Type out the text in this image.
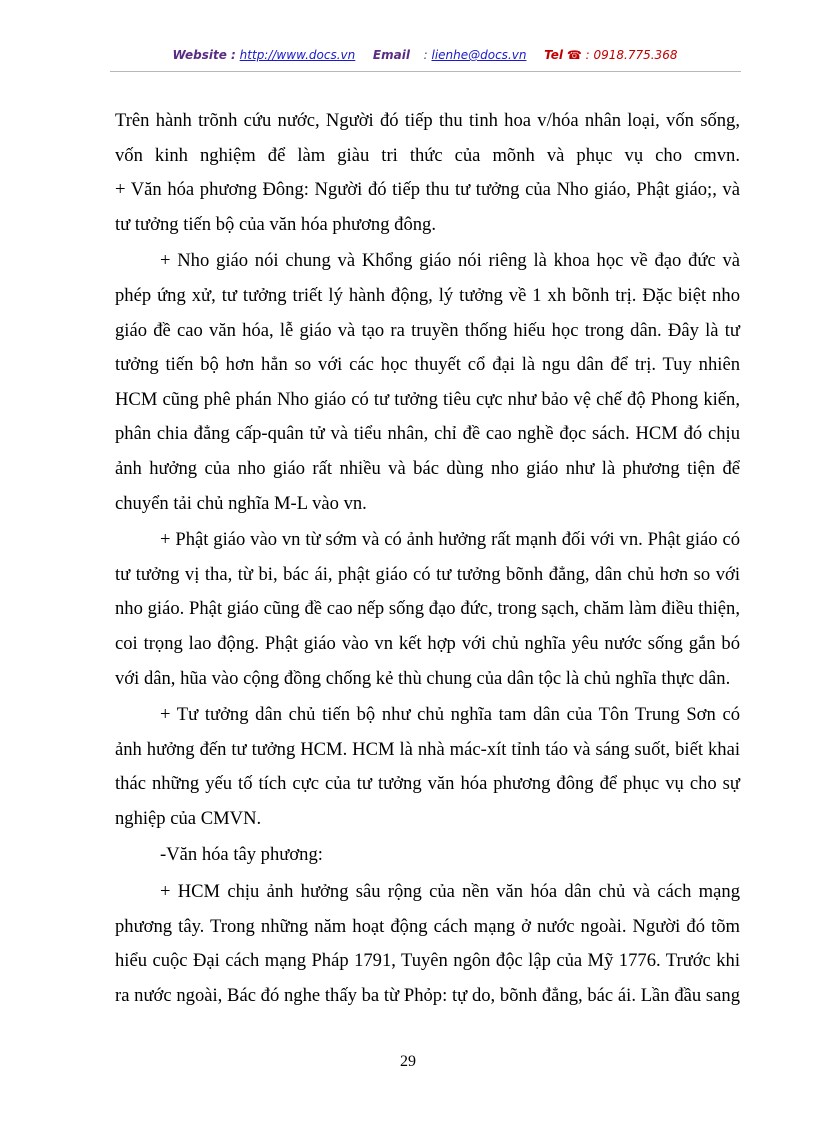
Website : http://www.docs.vn Email : lienhe@docs.vn Tel ☎ : 0918.775.368

Trên hành trõnh cứu nước, Người đó tiếp thu tinh hoa v/hóa nhân loại, vốn sống,

vốn kinh nghiệm để làm giàu tri thức của mõnh và phục vụ cho cmvn.

+ Văn hóa phương Đông: Người đó tiếp thu tư tưởng của Nho giáo, Phật giáo;, và

tư tưởng tiến bộ của văn hóa phương đông.

+ Nho giáo nói chung và Khổng giáo nói riêng là khoa học về đạo đức và

phép ứng xử, tư tưởng triết lý hành động, lý tưởng về 1 xh bõnh trị. Đặc biệt nho

giáo đề cao văn hóa, lễ giáo và tạo ra truyền thống hiếu học trong dân. Đây là tư

tưởng tiến bộ hơn hẳn so với các học thuyết cổ đại là ngu dân để trị. Tuy nhiên

HCM cũng phê phán Nho giáo có tư tưởng tiêu cực như bảo vệ chế độ Phong kiến,

phân chia đẳng cấp-quân tử và tiểu nhân, chỉ đề cao nghề đọc sách. HCM đó chịu

ảnh hưởng của nho giáo rất nhiều và bác dùng nho giáo như là phương tiện để

chuyển tải chủ nghĩa M-L vào vn.

+ Phật giáo vào vn từ sớm và có ảnh hưởng rất mạnh đối với vn. Phật giáo có

tư tưởng vị tha, từ bi, bác ái, phật giáo có tư tưởng bõnh đẳng, dân chủ hơn so với

nho giáo. Phật giáo cũng đề cao nếp sống đạo đức, trong sạch, chăm làm điều thiện,

coi trọng lao động. Phật giáo vào vn kết hợp với chủ nghĩa yêu nước sống gắn bó

với dân, hũa vào cộng đồng chống kẻ thù chung của dân tộc là chủ nghĩa thực dân.

+ Tư tưởng dân chủ tiến bộ như chủ nghĩa tam dân của Tôn Trung Sơn có

ảnh hưởng đến tư tưởng HCM. HCM là nhà mác-xít tỉnh táo và sáng suốt, biết khai

thác những yếu tố tích cực của tư tưởng văn hóa phương đông để phục vụ cho sự

nghiệp của CMVN.

-Văn hóa tây phương:

+ HCM chịu ảnh hưởng sâu rộng của nền văn hóa dân chủ và cách mạng

phương tây. Trong những năm hoạt động cách mạng ở nước ngoài. Người đó tõm

hiểu cuộc Đại cách mạng Pháp 1791, Tuyên ngôn độc lập của Mỹ 1776. Trước khi

ra nước ngoài, Bác đó nghe thấy ba từ Phỏp: tự do, bõnh đẳng, bác ái. Lần đầu sang

29
